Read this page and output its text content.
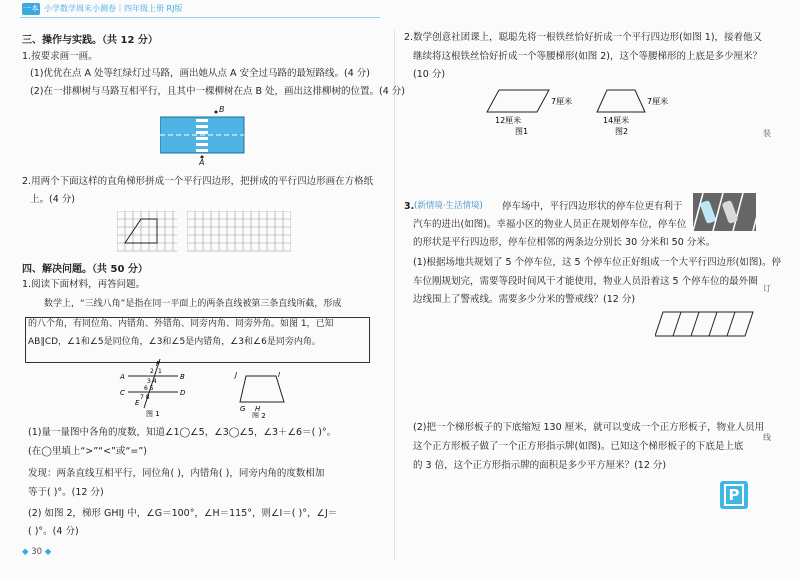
一本 小学数学周末小测卷｜四年级上册 RJ版
三、操作与实践。（共 12 分）
1.按要求画一画。
(1)优优在点 A 处等红绿灯过马路，画出她从点 A 安全过马路的最短路线。(4 分)
(2)在一排柳树与马路互相平行，且其中一棵柳树在点 B 处，画出这排柳树的位置。(4 分)
B
A
2.用两个下面这样的直角梯形拼成一个平行四边形，把拼成的平行四边形画在方格纸
上。(4 分)
四、解决问题。（共 50 分）
1.阅读下面材料，再答问题。
数学上，“三线八角”是指在同一平面上的两条直线被第三条直线所截，形成
的八个角，有同位角、内错角、外错角、同旁内角、同旁外角。如图 1，已知
AB∥CD，∠1和∠5是同位角，∠3和∠5是内错角，∠3和∠6是同旁内角。
F
A	B
C	D
E
2 1
3 4
6 5
7 8
图 1
J	I
G H
图 2
(1)量一量图中各角的度数，知道∠1◯∠5，∠3◯∠5，∠3＋∠6＝( )°。
(在◯里填上“>”“<”或“=”)
发现：两条直线互相平行，同位角( )，内错角( )，同旁内角的度数相加
等于( )°。(12 分)
(2) 如图 2，梯形 GHIJ 中，∠G＝100°，∠H＝115°，则∠I＝( )°，∠J＝
( )°。(4 分)
2.数学创意社团课上，聪聪先将一根铁丝恰好折成一个平行四边形(如图 1)，接着他又
继续将这根铁丝恰好折成一个等腰梯形(如图 2)，这个等腰梯形的上底是多少厘米？
(10 分)
7厘米
12厘米
图1
7厘米
14厘米
图2
3. (新情境·生活情境) 停车场中，平行四边形状的停车位更有利于
汽车的进出(如图)。幸福小区的物业人员正在规划停车位，停车位
的形状是平行四边形，停车位相邻的两条边分别长 30 分米和 50 分米。
(1)根据场地共规划了 5 个停车位，这 5 个停车位正好组成一个大平行四边形(如图)。停
车位刚规划完，需要等段时间风干才能使用，物业人员沿着这 5 个停车位的最外圈
边线围上了警戒线。需要多少分米的警戒线？(12 分)
(2)把一个梯形板子的下底缩短 130 厘米，就可以变成一个正方形板子，物业人员用
这个正方形板子做了一个正方形指示牌(如图)。已知这个梯形板子的下底是上底
的 3 倍，这个正方形指示牌的面积是多少平方厘米？(12 分)
P
装
订
线
◆ 30 ◆
